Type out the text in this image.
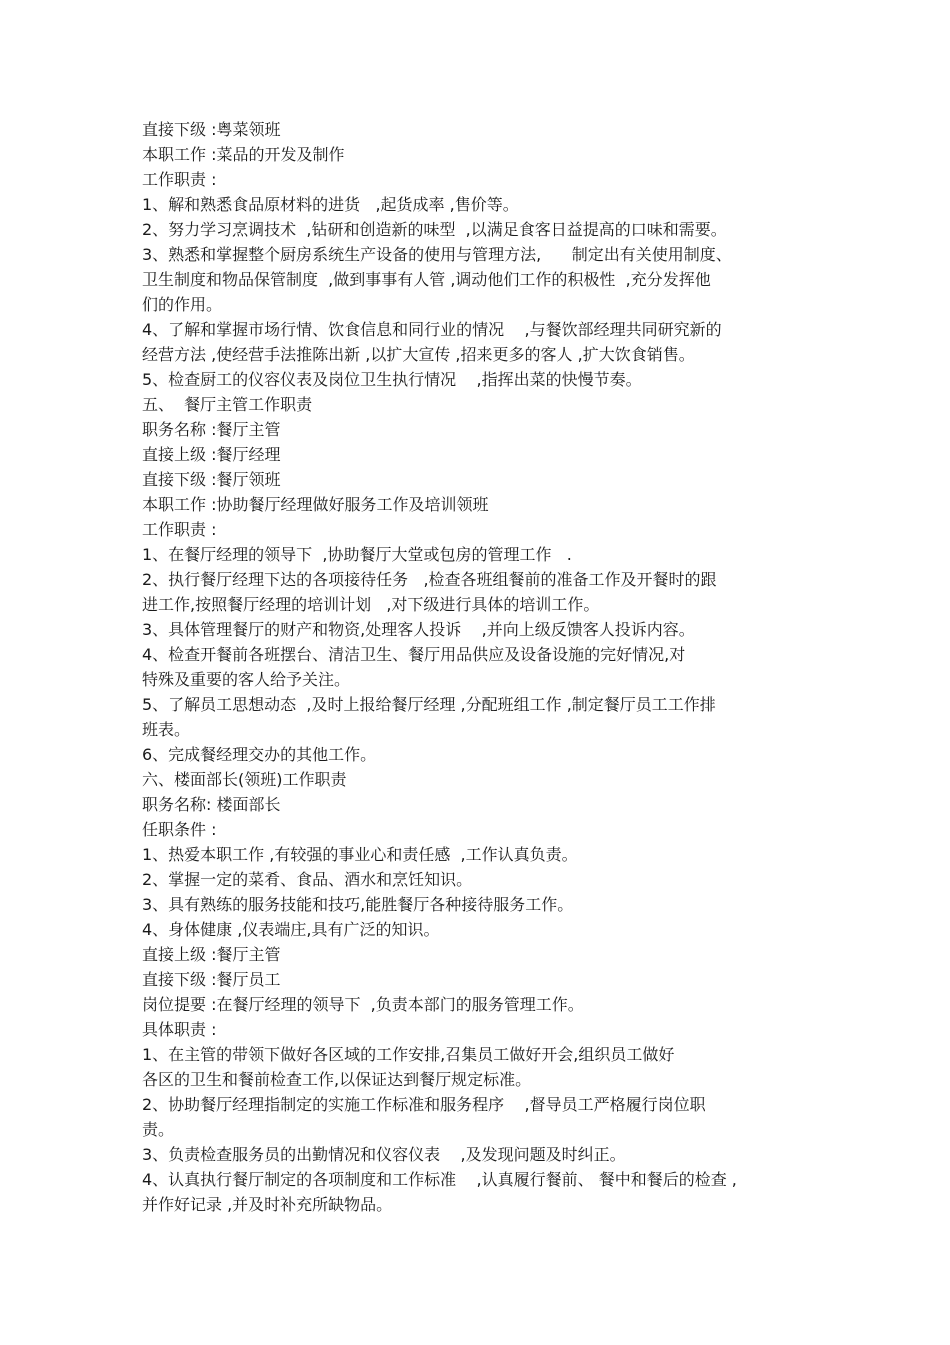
直接下级 :粤菜领班
本职工作 :菜品的开发及制作
工作职责 :
1、解和熟悉食品原材料的进货   ,起货成率 ,售价等。
2、努力学习烹调技术  ,钻研和创造新的味型  ,以满足食客日益提高的口味和需要。
3、熟悉和掌握整个厨房系统生产设备的使用与管理方法,      制定出有关使用制度、
卫生制度和物品保管制度  ,做到事事有人管 ,调动他们工作的积极性  ,充分发挥他
们的作用。
4、了解和掌握市场行情、饮食信息和同行业的情况    ,与餐饮部经理共同研究新的
经营方法 ,使经营手法推陈出新 ,以扩大宣传 ,招来更多的客人 ,扩大饮食销售。
5、检查厨工的仪容仪表及岗位卫生执行情况    ,指挥出菜的快慢节奏。
五、  餐厅主管工作职责
职务名称 :餐厅主管
直接上级 :餐厅经理
直接下级 :餐厅领班
本职工作 :协助餐厅经理做好服务工作及培训领班
工作职责 :
1、在餐厅经理的领导下  ,协助餐厅大堂或包房的管理工作   .
2、执行餐厅经理下达的各项接待任务   ,检查各班组餐前的准备工作及开餐时的跟
进工作,按照餐厅经理的培训计划   ,对下级进行具体的培训工作。
3、具体管理餐厅的财产和物资,处理客人投诉    ,并向上级反馈客人投诉内容。
4、检查开餐前各班摆台、清洁卫生、餐厅用品供应及设备设施的完好情况,对
特殊及重要的客人给予关注。
5、了解员工思想动态  ,及时上报给餐厅经理 ,分配班组工作 ,制定餐厅员工工作排
班表。
6、完成餐经理交办的其他工作。
六、楼面部长(领班)工作职责
职务名称: 楼面部长
任职条件 :
1、热爱本职工作 ,有较强的事业心和责任感  ,工作认真负责。
2、掌握一定的菜肴、食品、酒水和烹饪知识。
3、具有熟练的服务技能和技巧,能胜餐厅各种接待服务工作。
4、身体健康 ,仪表端庄,具有广泛的知识。
直接上级 :餐厅主管
直接下级 :餐厅员工
岗位提要 :在餐厅经理的领导下  ,负责本部门的服务管理工作。
具体职责 :
1、在主管的带领下做好各区域的工作安排,召集员工做好开会,组织员工做好
各区的卫生和餐前检查工作,以保证达到餐厅规定标准。
2、协助餐厅经理指制定的实施工作标准和服务程序    ,督导员工严格履行岗位职
责。
3、负责检查服务员的出勤情况和仪容仪表    ,及发现问题及时纠正。
4、认真执行餐厅制定的各项制度和工作标准    ,认真履行餐前、 餐中和餐后的检查 ,
并作好记录 ,并及时补充所缺物品。
